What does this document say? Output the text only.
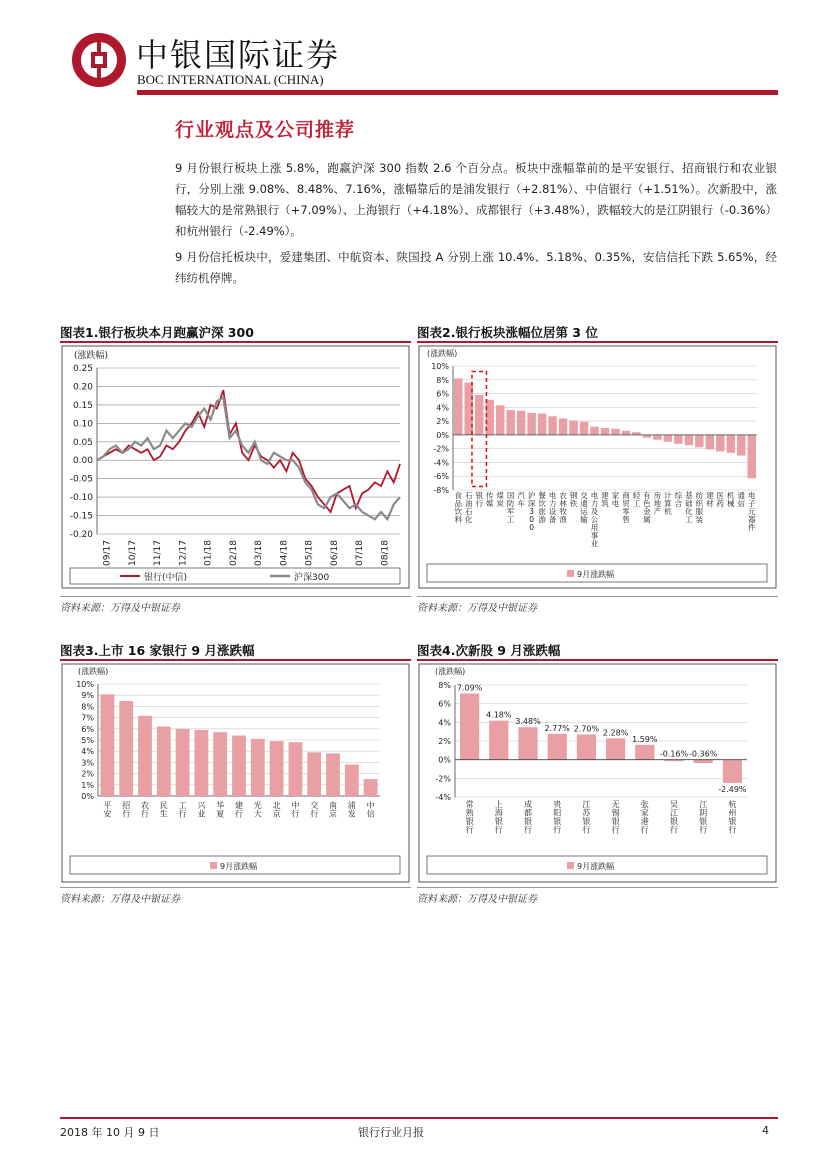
中银国际证券
BOC INTERNATIONAL (CHINA)
行业观点及公司推荐
9 月份银行板块上涨 5.8%，跑赢沪深 300 指数 2.6 个百分点。板块中涨幅靠前的是平安银行、招商银行和农业银行，分别上涨 9.08%、8.48%、7.16%，涨幅靠后的是浦发银行（+2.81%）、中信银行（+1.51%）。次新股中，涨幅较大的是常熟银行（+7.09%）、上海银行（+4.18%）、成都银行（+3.48%），跌幅较大的是江阴银行（-0.36%）和杭州银行（-2.49%）。
9 月份信托板块中，爱建集团、中航资本、陕国投 A 分别上涨 10.4%、5.18%、0.35%，安信信托下跌 5.65%，经纬纺机停牌。
图表1.银行板块本月跑赢沪深 300
(涨跌幅)
0.25
0.20
0.15
0.10
0.05
0.00
-0.05
-0.10
-0.15
-0.20
09/17 10/17 11/17 12/17 01/18 02/18 03/18 04/18 05/18 06/18 07/18 08/18
银行(中信)	沪深300
资料来源：万得及中银证券
图表2.银行板块涨幅位居第 3 位
(涨跌幅)
10%
8%
6%
4%
2%
0%
-2%
-4%
-6%
-8%
食品饮料
石油石化
银行
传媒
煤炭
国防军工
汽车
沪深 3 0 0
餐饮旅游
电力设备
农林牧渔
钢铁
交通运输
电力及公用事业
建筑
家电
商贸零售
轻工
有色金属
房地产
计算机
综合
基础化工
纺织服装
建材
医药
机械
通信
电子元器件
9月涨跌幅
资料来源：万得及中银证券
图表3.上市 16 家银行 9 月涨跌幅
(涨跌幅)
10%
9%
8%
7%
6%
5%
4%
3%
2%
1%
0%
平安
招行
农行
民生
工行
兴业
华夏
建行
光大
北京
中行
交行
南京
浦发
中信
9月涨跌幅
资料来源：万得及中银证券
图表4.次新股 9 月涨跌幅
(涨跌幅)
8%
6%
4%
2%
0%
-2%
-4%
7.09%
4.18%
3.48%
2.77% 2.70% 2.28%
1.59%
-0.16% -0.36%
-2.49%
常熟银行
上海银行
成都银行
贵阳银行
江苏银行
无锡银行
张家港行
吴江银行
江阴银行
杭州银行
9月涨跌幅
资料来源：万得及中银证券
2018 年 10 月 9 日	银行行业月报	4
